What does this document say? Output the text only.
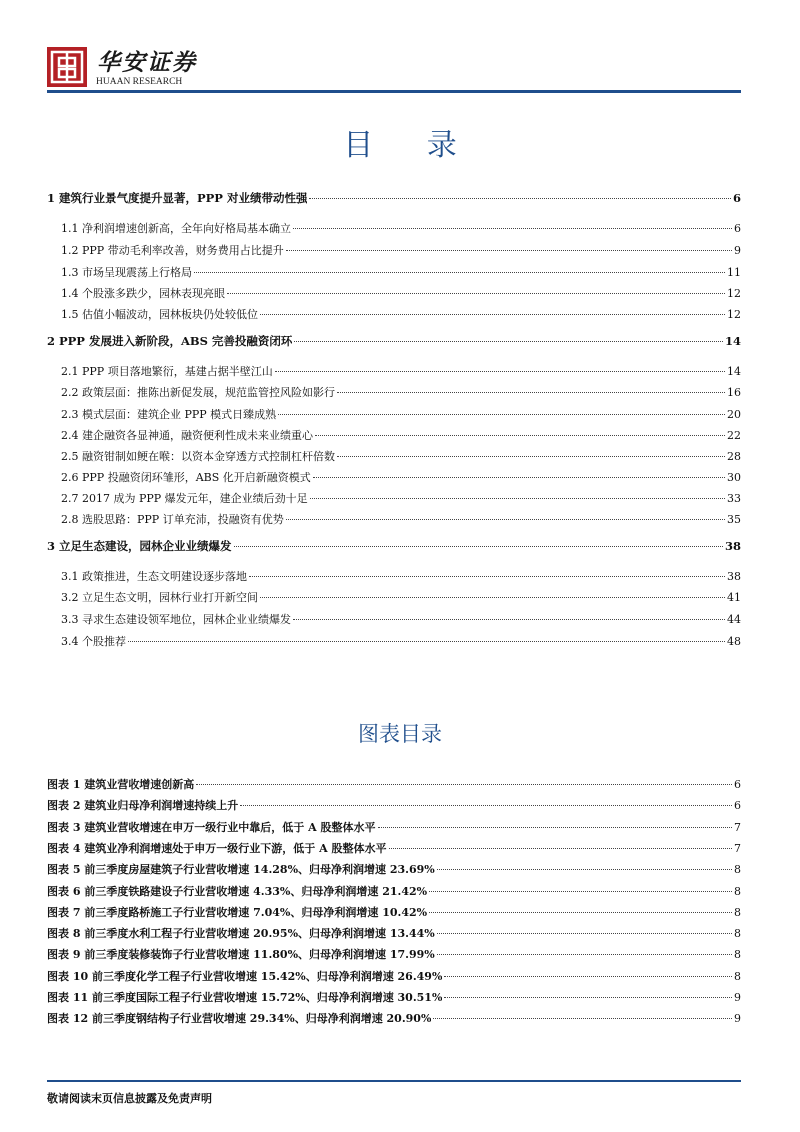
华安证券
HUAAN RESEARCH
目 录
1 建筑行业景气度提升显著，PPP 对业绩带动性强	6
1.1 净利润增速创新高，全年向好格局基本确立	6
1.2 PPP 带动毛利率改善，财务费用占比提升	9
1.3 市场呈现震荡上行格局	11
1.4 个股涨多跌少，园林表现亮眼	12
1.5 估值小幅波动，园林板块仍处较低位	12
2 PPP 发展进入新阶段，ABS 完善投融资闭环	14
2.1 PPP 项目落地繁衍，基建占据半壁江山	14
2.2 政策层面：推陈出新促发展，规范监管控风险如影行	16
2.3 模式层面：建筑企业 PPP 模式日臻成熟	20
2.4 建企融资各显神通，融资便利性成未来业绩重心	22
2.5 融资钳制如鲠在喉：以资本金穿透方式控制杠杆倍数	28
2.6 PPP 投融资闭环雏形，ABS 化开启新融资模式	30
2.7 2017 成为 PPP 爆发元年，建企业绩后劲十足	33
2.8 选股思路：PPP 订单充沛，投融资有优势	35
3 立足生态建设，园林企业业绩爆发	38
3.1 政策推进，生态文明建设逐步落地	38
3.2 立足生态文明，园林行业打开新空间	41
3.3 寻求生态建设领军地位，园林企业业绩爆发	44
3.4 个股推荐	48
图表目录
图表 1 建筑业营收增速创新高	6
图表 2 建筑业归母净利润增速持续上升	6
图表 3 建筑业营收增速在申万一级行业中靠后，低于 A 股整体水平	7
图表 4 建筑业净利润增速处于申万一级行业下游，低于 A 股整体水平	7
图表 5 前三季度房屋建筑子行业营收增速 14.28%、归母净利润增速 23.69%	8
图表 6 前三季度铁路建设子行业营收增速 4.33%、归母净利润增速 21.42%	8
图表 7 前三季度路桥施工子行业营收增速 7.04%、归母净利润增速 10.42%	8
图表 8 前三季度水利工程子行业营收增速 20.95%、归母净利润增速 13.44%	8
图表 9 前三季度装修装饰子行业营收增速 11.80%、归母净利润增速 17.99%	8
图表 10 前三季度化学工程子行业营收增速 15.42%、归母净利润增速 26.49%	8
图表 11 前三季度国际工程子行业营收增速 15.72%、归母净利润增速 30.51%	9
图表 12 前三季度钢结构子行业营收增速 29.34%、归母净利润增速 20.90%	9
敬请阅读末页信息披露及免责声明
